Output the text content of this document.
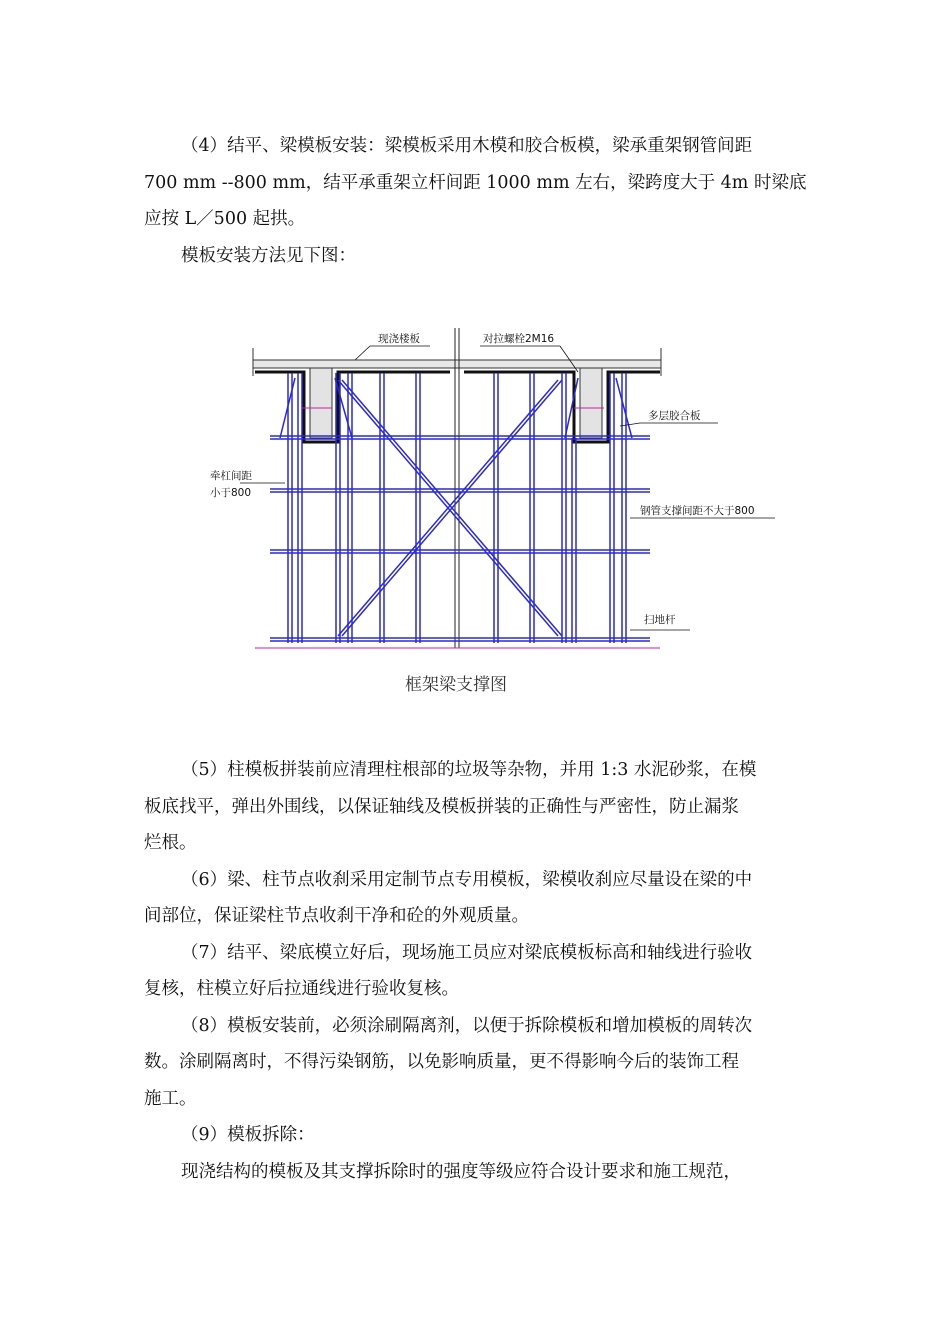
（4）结平、梁模板安装：梁模板采用木模和胶合板模，梁承重架钢管间距
700 mm --800 mm，结平承重架立杆间距 1000 mm 左右，梁跨度大于 4m 时梁底
应按 L／500 起拱。
模板安装方法见下图：
现浇楼板	对拉螺栓2M16
多层胶合板
牵杠间距
小于800
钢管支撑间距不大于800
扫地杆
框架梁支撑图
（5）柱模板拼装前应清理柱根部的垃圾等杂物，并用 1:3 水泥砂浆，在模
板底找平，弹出外围线，以保证轴线及模板拼装的正确性与严密性，防止漏浆
烂根。
（6）梁、柱节点收刹采用定制节点专用模板，梁模收刹应尽量设在梁的中
间部位，保证梁柱节点收刹干净和砼的外观质量。
（7）结平、梁底模立好后，现场施工员应对梁底模板标高和轴线进行验收
复核，柱模立好后拉通线进行验收复核。
（8）模板安装前，必须涂刷隔离剂，以便于拆除模板和增加模板的周转次
数。涂刷隔离时，不得污染钢筋，以免影响质量，更不得影响今后的装饰工程
施工。
（9）模板拆除：
现浇结构的模板及其支撑拆除时的强度等级应符合设计要求和施工规范，
